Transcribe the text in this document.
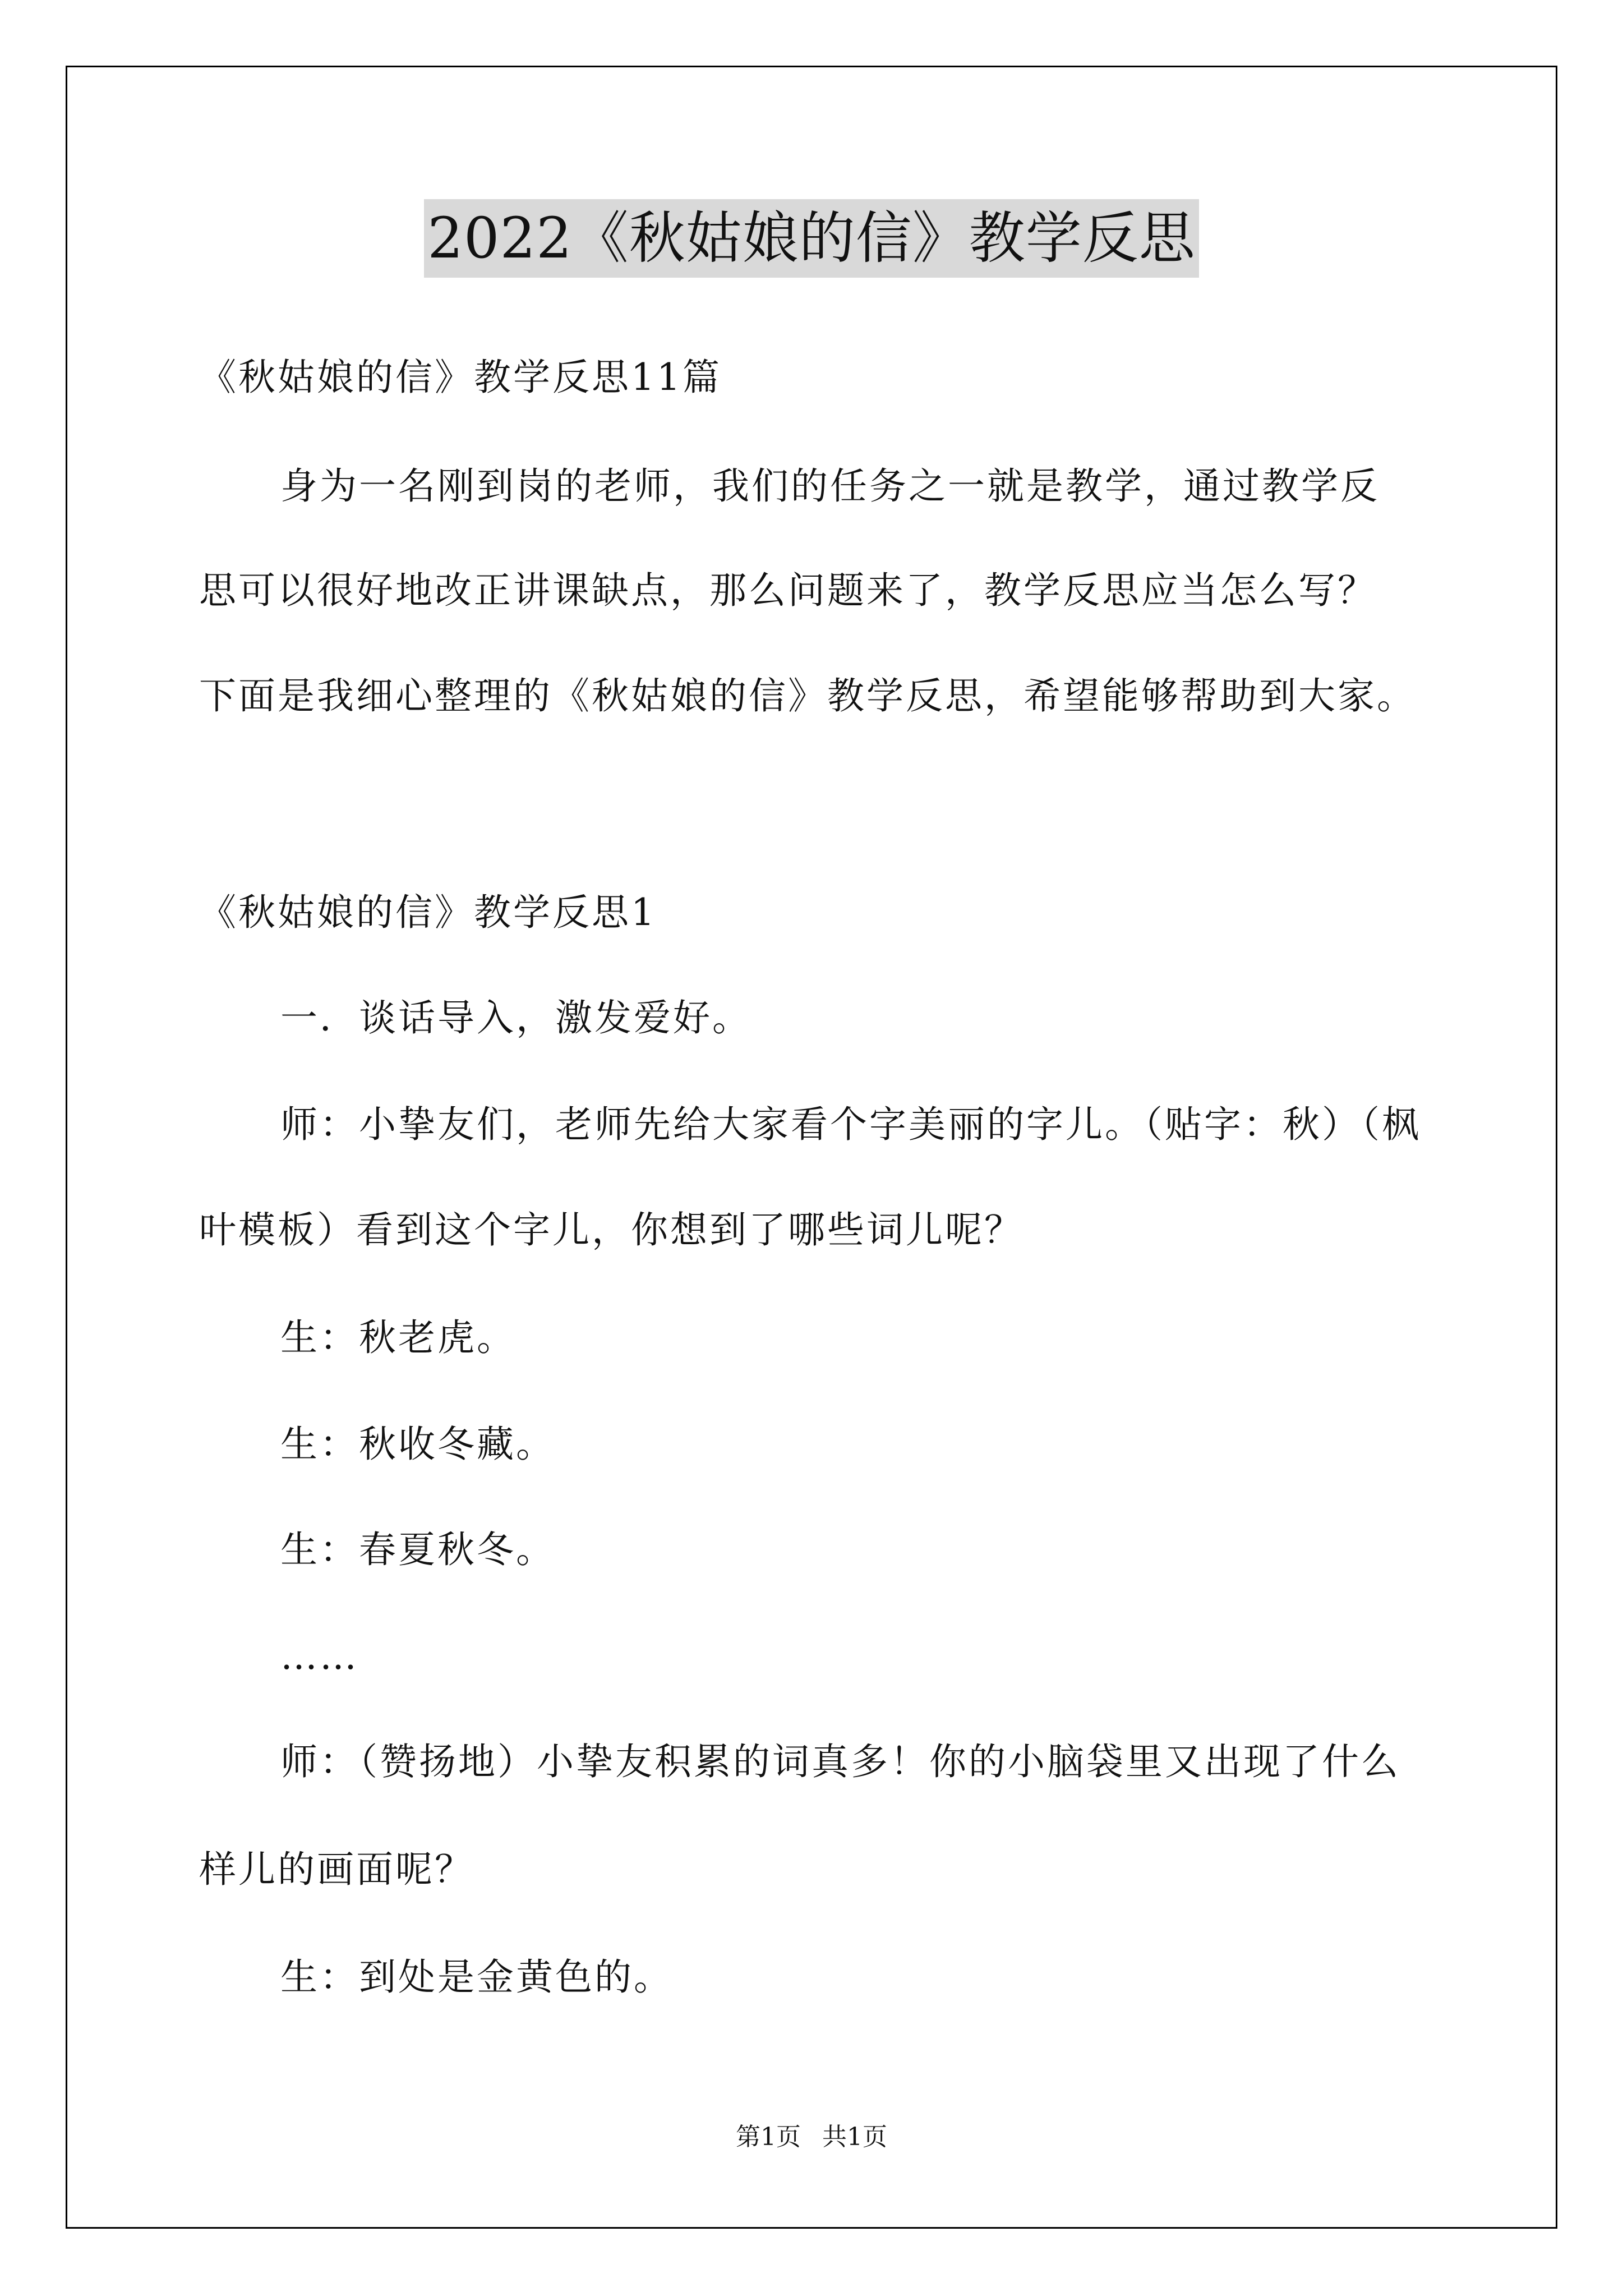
2022《秋姑娘的信》教学反思
《秋姑娘的信》教学反思11篇
身为一名刚到岗的老师，我们的任务之一就是教学，通过教学反
思可以很好地改正讲课缺点，那么问题来了，教学反思应当怎么写？
下面是我细心整理的《秋姑娘的信》教学反思，希望能够帮助到大家。
《秋姑娘的信》教学反思1
一．谈话导入，激发爱好。
师：小挚友们，老师先给大家看个字美丽的字儿。（贴字：秋）（枫
叶模板）看到这个字儿，你想到了哪些词儿呢？
生：秋老虎。
生：秋收冬藏。
生：春夏秋冬。
……
师：（赞扬地）小挚友积累的词真多！你的小脑袋里又出现了什么
样儿的画面呢？
生：到处是金黄色的。
第1页 共1页
